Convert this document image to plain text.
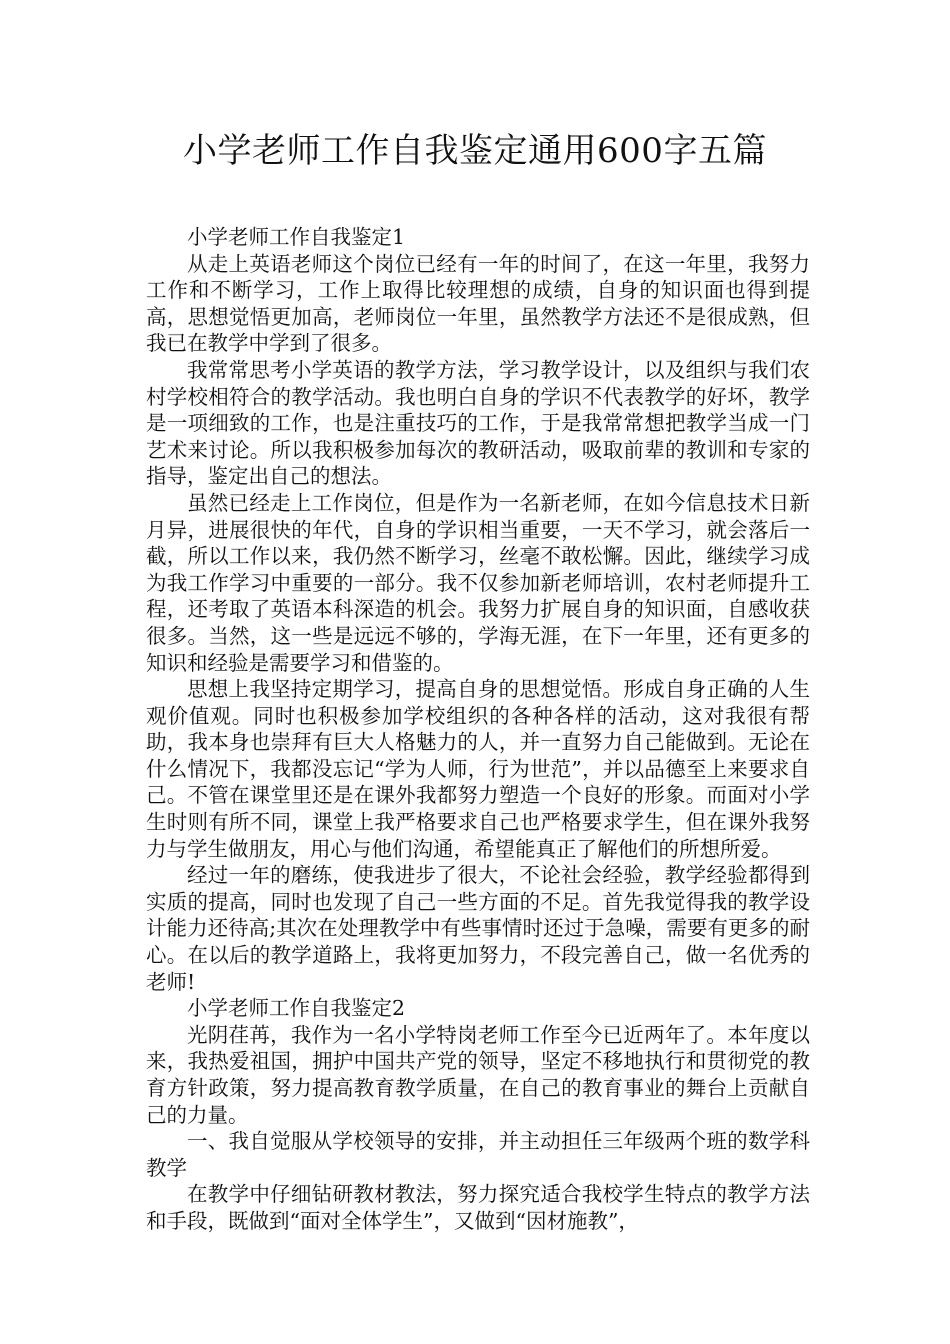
小学老师工作自我鉴定通用600字五篇

小学老师工作自我鉴定1

从走上英语老师这个岗位已经有一年的时间了，在这一年里，我努力工作和不断学习，工作上取得比较理想的成绩，自身的知识面也得到提高，思想觉悟更加高，老师岗位一年里，虽然教学方法还不是很成熟，但我已在教学中学到了很多。

我常常思考小学英语的教学方法，学习教学设计，以及组织与我们农村学校相符合的教学活动。我也明白自身的学识不代表教学的好坏，教学是一项细致的工作，也是注重技巧的工作，于是我常常想把教学当成一门艺术来讨论。所以我积极参加每次的教研活动，吸取前辈的教训和专家的指导，鉴定出自己的想法。

虽然已经走上工作岗位，但是作为一名新老师，在如今信息技术日新月异，进展很快的年代，自身的学识相当重要，一天不学习，就会落后一截，所以工作以来，我仍然不断学习，丝毫不敢松懈。因此，继续学习成为我工作学习中重要的一部分。我不仅参加新老师培训，农村老师提升工程，还考取了英语本科深造的机会。我努力扩展自身的知识面，自感收获很多。当然，这一些是远远不够的，学海无涯，在下一年里，还有更多的知识和经验是需要学习和借鉴的。

思想上我坚持定期学习，提高自身的思想觉悟。形成自身正确的人生观价值观。同时也积极参加学校组织的各种各样的活动，这对我很有帮助，我本身也崇拜有巨大人格魅力的人，并一直努力自己能做到。无论在什么情况下，我都没忘记“学为人师，行为世范”，并以品德至上来要求自己。不管在课堂里还是在课外我都努力塑造一个良好的形象。而面对小学生时则有所不同，课堂上我严格要求自己也严格要求学生，但在课外我努力与学生做朋友，用心与他们沟通，希望能真正了解他们的所想所爱。

经过一年的磨练，使我进步了很大，不论社会经验，教学经验都得到实质的提高，同时也发现了自己一些方面的不足。首先我觉得我的教学设计能力还待高;其次在处理教学中有些事情时还过于急噪，需要有更多的耐心。在以后的教学道路上，我将更加努力，不段完善自己，做一名优秀的老师!

小学老师工作自我鉴定2

光阴荏苒，我作为一名小学特岗老师工作至今已近两年了。本年度以来，我热爱祖国，拥护中国共产党的领导，坚定不移地执行和贯彻党的教育方针政策，努力提高教育教学质量，在自己的教育事业的舞台上贡献自己的力量。

一、我自觉服从学校领导的安排，并主动担任三年级两个班的数学科教学

在教学中仔细钻研教材教法，努力探究适合我校学生特点的教学方法和手段，既做到“面对全体学生”，又做到“因材施教”，
